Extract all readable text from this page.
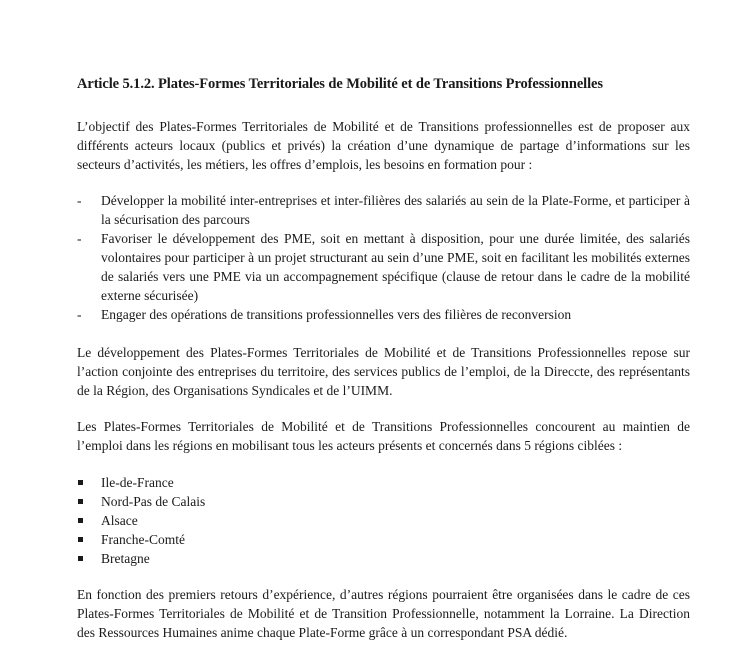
Article 5.1.2. Plates-Formes Territoriales de Mobilité et de Transitions Professionnelles

L’objectif des Plates-Formes Territoriales de Mobilité et de Transitions professionnelles est de proposer aux différents acteurs locaux (publics et privés) la création d’une dynamique de partage d’informations sur les secteurs d’activités, les métiers, les offres d’emplois, les besoins en formation pour :

- Développer la mobilité inter-entreprises et inter-filières des salariés au sein de la Plate-Forme, et participer à la sécurisation des parcours
- Favoriser le développement des PME, soit en mettant à disposition, pour une durée limitée, des salariés volontaires pour participer à un projet structurant au sein d’une PME, soit en facilitant les mobilités externes de salariés vers une PME via un accompagnement spécifique (clause de retour dans le cadre de la mobilité externe sécurisée)
- Engager des opérations de transitions professionnelles vers des filières de reconversion

Le développement des Plates-Formes Territoriales de Mobilité et de Transitions Professionnelles repose sur l’action conjointe des entreprises du territoire, des services publics de l’emploi, de la Direccte, des représentants de la Région, des Organisations Syndicales et de l’UIMM.

Les Plates-Formes Territoriales de Mobilité et de Transitions Professionnelles concourent au maintien de l’emploi dans les régions en mobilisant tous les acteurs présents et concernés dans 5 régions ciblées :

Ile-de-France
Nord-Pas de Calais
Alsace
Franche-Comté
Bretagne

En fonction des premiers retours d’expérience, d’autres régions pourraient être organisées dans le cadre de ces Plates-Formes Territoriales de Mobilité et de Transition Professionnelle, notamment la Lorraine. La Direction des Ressources Humaines anime chaque Plate-Forme grâce à un correspondant PSA dédié.
